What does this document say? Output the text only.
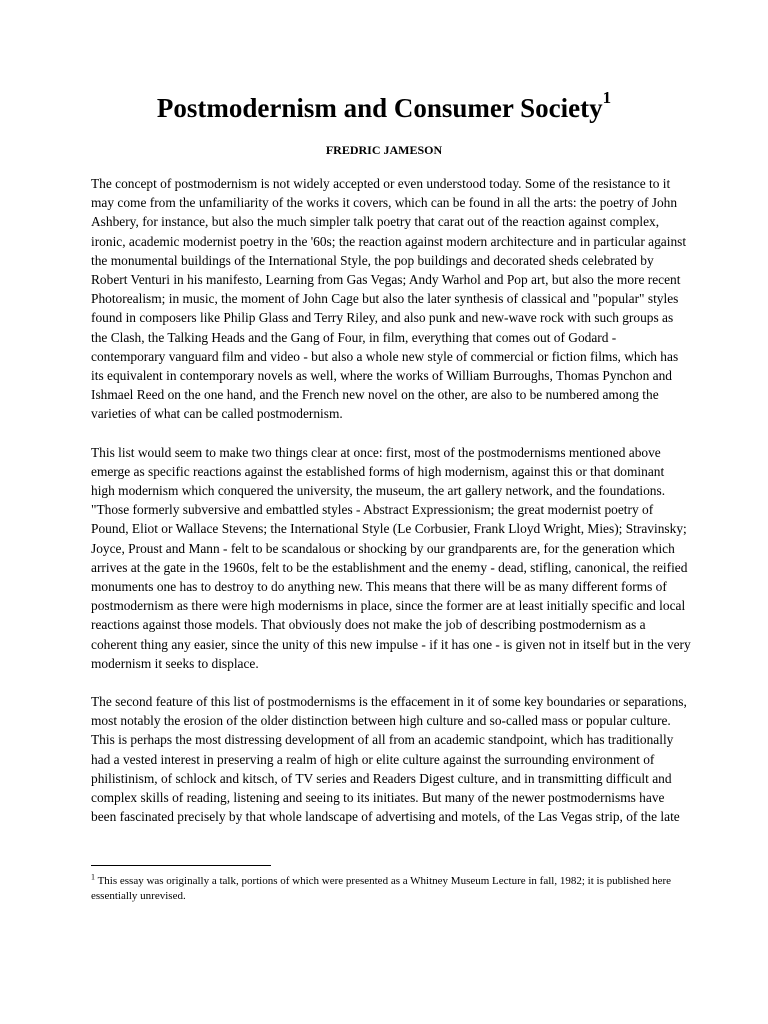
Postmodernism and Consumer Society$^1$

FREDRIC JAMESON

The concept of postmodernism is not widely accepted or even understood today. Some of the resistance to it may come from the unfamiliarity of the works it covers, which can be found in all the arts: the poetry of John Ashbery, for instance, but also the much simpler talk poetry that carat out of the reaction against complex, ironic, academic modernist poetry in the '60s; the reaction against modern architecture and in particular against the monumental buildings of the International Style, the pop buildings and decorated sheds celebrated by Robert Venturi in his manifesto, Learning from Gas Vegas; Andy Warhol and Pop art, but also the more recent Photorealism; in music, the moment of John Cage but also the later synthesis of classical and "popular" styles found in composers like Philip Glass and Terry Riley, and also punk and new-wave rock with such groups as the Clash, the Talking Heads and the Gang of Four, in film, everything that comes out of Godard - contemporary vanguard film and video - but also a whole new style of commercial or fiction films, which has its equivalent in contemporary novels as well, where the works of William Burroughs, Thomas Pynchon and Ishmael Reed on the one hand, and the French new novel on the other, are also to be numbered among the varieties of what can be called postmodernism.

This list would seem to make two things clear at once: first, most of the postmodernisms mentioned above emerge as specific reactions against the established forms of high modernism, against this or that dominant high modernism which conquered the university, the museum, the art gallery network, and the foundations. "Those formerly subversive and embattled styles - Abstract Expressionism; the great modernist poetry of Pound, Eliot or Wallace Stevens; the International Style (Le Corbusier, Frank Lloyd Wright, Mies); Stravinsky; Joyce, Proust and Mann - felt to be scandalous or shocking by our grandparents are, for the generation which arrives at the gate in the 1960s, felt to be the establishment and the enemy - dead, stifling, canonical, the reified monuments one has to destroy to do anything new. This means that there will be as many different forms of postmodernism as there were high modernisms in place, since the former are at least initially specific and local reactions against those models. That obviously does not make the job of describing postmodernism as a coherent thing any easier, since the unity of this new impulse - if it has one - is given not in itself but in the very modernism it seeks to displace.

The second feature of this list of postmodernisms is the effacement in it of some key boundaries or separations, most notably the erosion of the older distinction between high culture and so-called mass or popular culture. This is perhaps the most distressing development of all from an academic standpoint, which has traditionally had a vested interest in preserving a realm of high or elite culture against the surrounding environment of philistinism, of schlock and kitsch, of TV series and Readers Digest culture, and in transmitting difficult and complex skills of reading, listening and seeing to its initiates. But many of the newer postmodernisms have been fascinated precisely by that whole landscape of advertising and motels, of the Las Vegas strip, of the late

$^1$ This essay was originally a talk, portions of which were presented as a Whitney Museum Lecture in fall, 1982; it is published here essentially unrevised.
